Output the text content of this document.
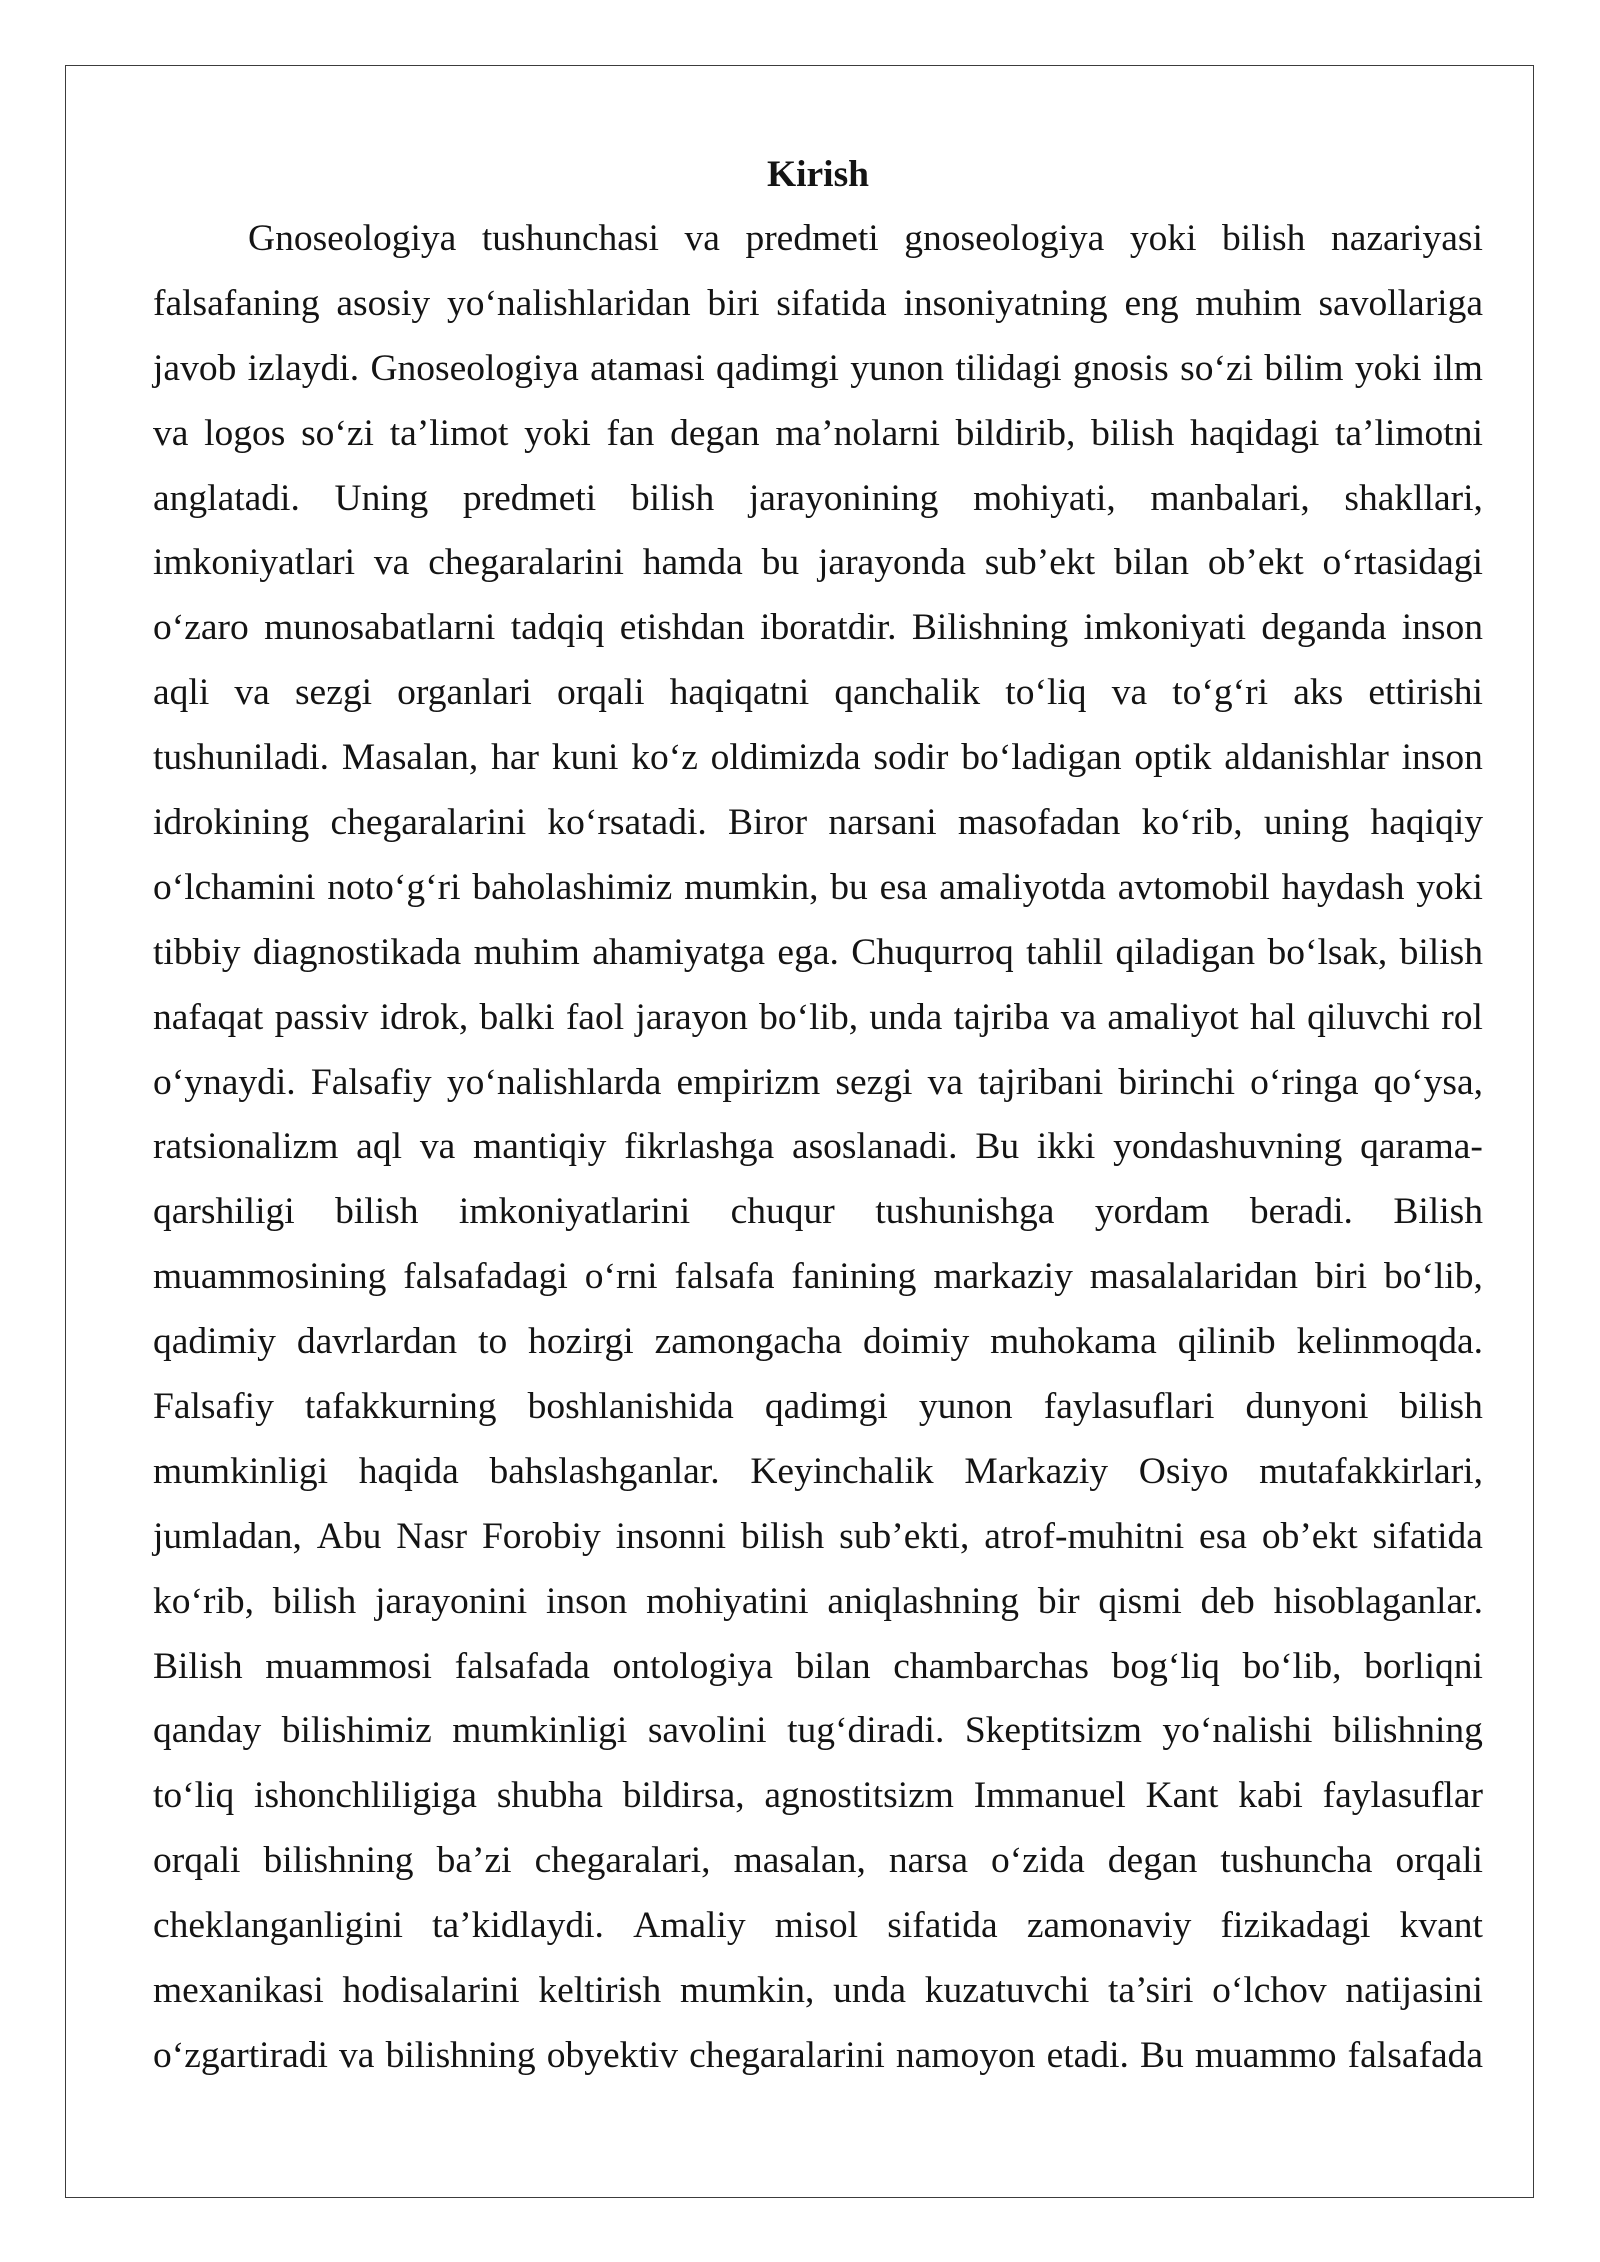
Kirish
Gnoseologiya tushunchasi va predmeti gnoseologiya yoki bilish nazariyasi
falsafaning asosiy yo‘nalishlaridan biri sifatida insoniyatning eng muhim savollariga
javob izlaydi. Gnoseologiya atamasi qadimgi yunon tilidagi gnosis so‘zi bilim yoki ilm
va logos so‘zi ta’limot yoki fan degan ma’nolarni bildirib, bilish haqidagi ta’limotni
anglatadi. Uning predmeti bilish jarayonining mohiyati, manbalari, shakllari,
imkoniyatlari va chegaralarini hamda bu jarayonda sub’ekt bilan ob’ekt o‘rtasidagi
o‘zaro munosabatlarni tadqiq etishdan iboratdir. Bilishning imkoniyati deganda inson
aqli va sezgi organlari orqali haqiqatni qanchalik to‘liq va to‘g‘ri aks ettirishi
tushuniladi. Masalan, har kuni ko‘z oldimizda sodir bo‘ladigan optik aldanishlar inson
idrokining chegaralarini ko‘rsatadi. Biror narsani masofadan ko‘rib, uning haqiqiy
o‘lchamini noto‘g‘ri baholashimiz mumkin, bu esa amaliyotda avtomobil haydash yoki
tibbiy diagnostikada muhim ahamiyatga ega. Chuqurroq tahlil qiladigan bo‘lsak, bilish
nafaqat passiv idrok, balki faol jarayon bo‘lib, unda tajriba va amaliyot hal qiluvchi rol
o‘ynaydi. Falsafiy yo‘nalishlarda empirizm sezgi va tajribani birinchi o‘ringa qo‘ysa,
ratsionalizm aql va mantiqiy fikrlashga asoslanadi. Bu ikki yondashuvning qarama-
qarshiligi bilish imkoniyatlarini chuqur tushunishga yordam beradi. Bilish
muammosining falsafadagi o‘rni falsafa fanining markaziy masalalaridan biri bo‘lib,
qadimiy davrlardan to hozirgi zamongacha doimiy muhokama qilinib kelinmoqda.
Falsafiy tafakkurning boshlanishida qadimgi yunon faylasuflari dunyoni bilish
mumkinligi haqida bahslashganlar. Keyinchalik Markaziy Osiyo mutafakkirlari,
jumladan, Abu Nasr Forobiy insonni bilish sub’ekti, atrof-muhitni esa ob’ekt sifatida
ko‘rib, bilish jarayonini inson mohiyatini aniqlashning bir qismi deb hisoblaganlar.
Bilish muammosi falsafada ontologiya bilan chambarchas bog‘liq bo‘lib, borliqni
qanday bilishimiz mumkinligi savolini tug‘diradi. Skeptitsizm yo‘nalishi bilishning
to‘liq ishonchliligiga shubha bildirsa, agnostitsizm Immanuel Kant kabi faylasuflar
orqali bilishning ba’zi chegaralari, masalan, narsa o‘zida degan tushuncha orqali
cheklanganligini ta’kidlaydi. Amaliy misol sifatida zamonaviy fizikadagi kvant
mexanikasi hodisalarini keltirish mumkin, unda kuzatuvchi ta’siri o‘lchov natijasini
o‘zgartiradi va bilishning obyektiv chegaralarini namoyon etadi. Bu muammo falsafada
